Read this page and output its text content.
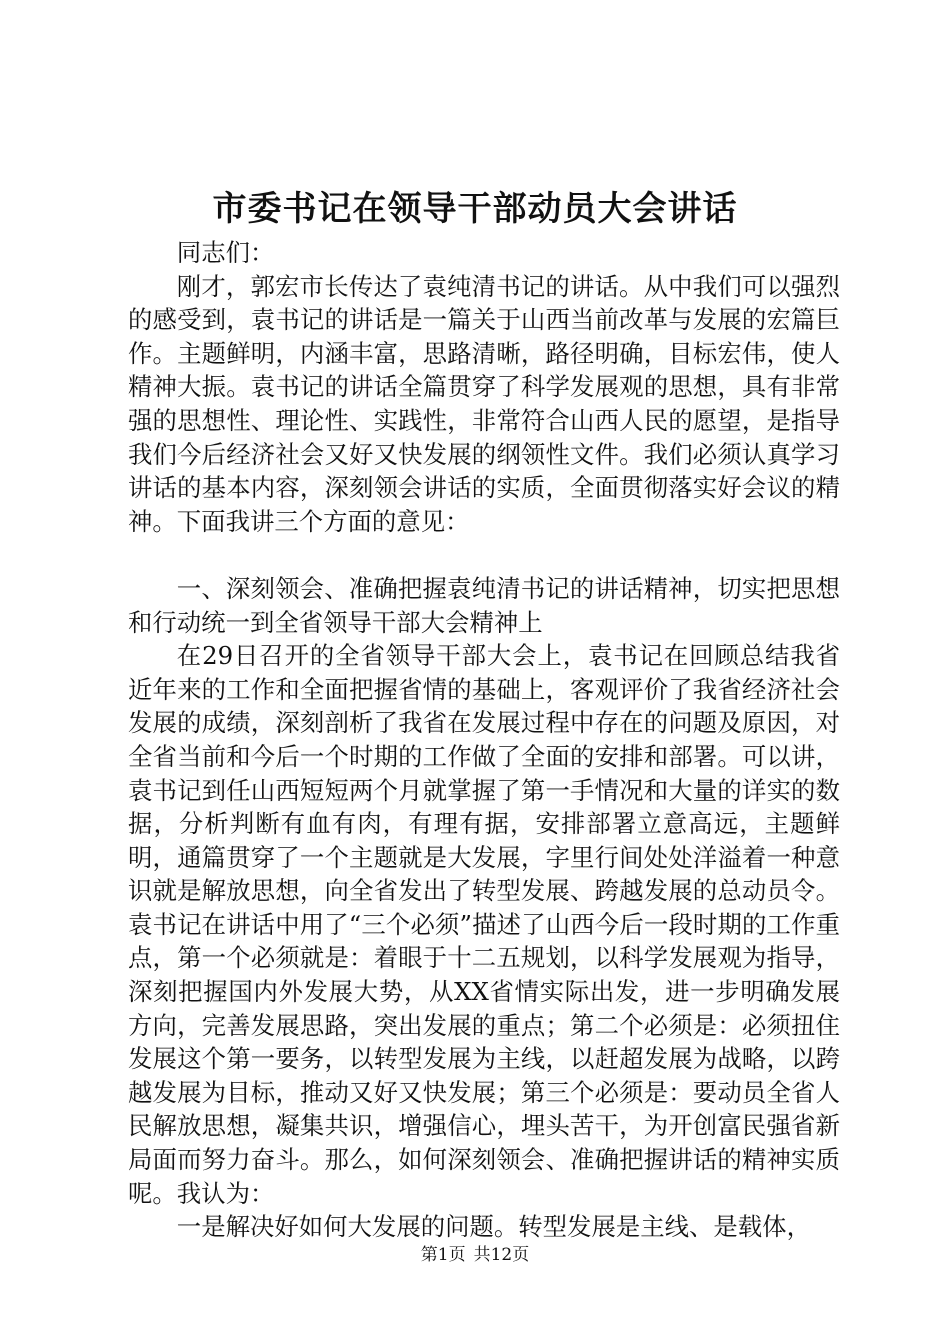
市委书记在领导干部动员大会讲话

同志们：

刚才，郭宏市长传达了袁纯清书记的讲话。从中我们可以强烈的感受到，袁书记的讲话是一篇关于山西当前改革与发展的宏篇巨作。主题鲜明，内涵丰富，思路清晰，路径明确，目标宏伟，使人精神大振。袁书记的讲话全篇贯穿了科学发展观的思想，具有非常强的思想性、理论性、实践性，非常符合山西人民的愿望，是指导我们今后经济社会又好又快发展的纲领性文件。我们必须认真学习讲话的基本内容，深刻领会讲话的实质，全面贯彻落实好会议的精神。下面我讲三个方面的意见：

一、深刻领会、准确把握袁纯清书记的讲话精神，切实把思想和行动统一到全省领导干部大会精神上

在29日召开的全省领导干部大会上，袁书记在回顾总结我省近年来的工作和全面把握省情的基础上，客观评价了我省经济社会发展的成绩，深刻剖析了我省在发展过程中存在的问题及原因，对全省当前和今后一个时期的工作做了全面的安排和部署。可以讲，袁书记到任山西短短两个月就掌握了第一手情况和大量的详实的数据，分析判断有血有肉，有理有据，安排部署立意高远，主题鲜明，通篇贯穿了一个主题就是大发展，字里行间处处洋溢着一种意识就是解放思想，向全省发出了转型发展、跨越发展的总动员令。袁书记在讲话中用了“三个必须”描述了山西今后一段时期的工作重点，第一个必须就是：着眼于十二五规划，以科学发展观为指导，深刻把握国内外发展大势，从XX省情实际出发，进一步明确发展方向，完善发展思路，突出发展的重点；第二个必须是：必须扭住发展这个第一要务，以转型发展为主线，以赶超发展为战略，以跨越发展为目标，推动又好又快发展；第三个必须是：要动员全省人民解放思想，凝集共识，增强信心，埋头苦干，为开创富民强省新局面而努力奋斗。那么，如何深刻领会、准确把握讲话的精神实质呢。我认为：

一是解决好如何大发展的问题。转型发展是主线、是载体，

第1页 共12页
